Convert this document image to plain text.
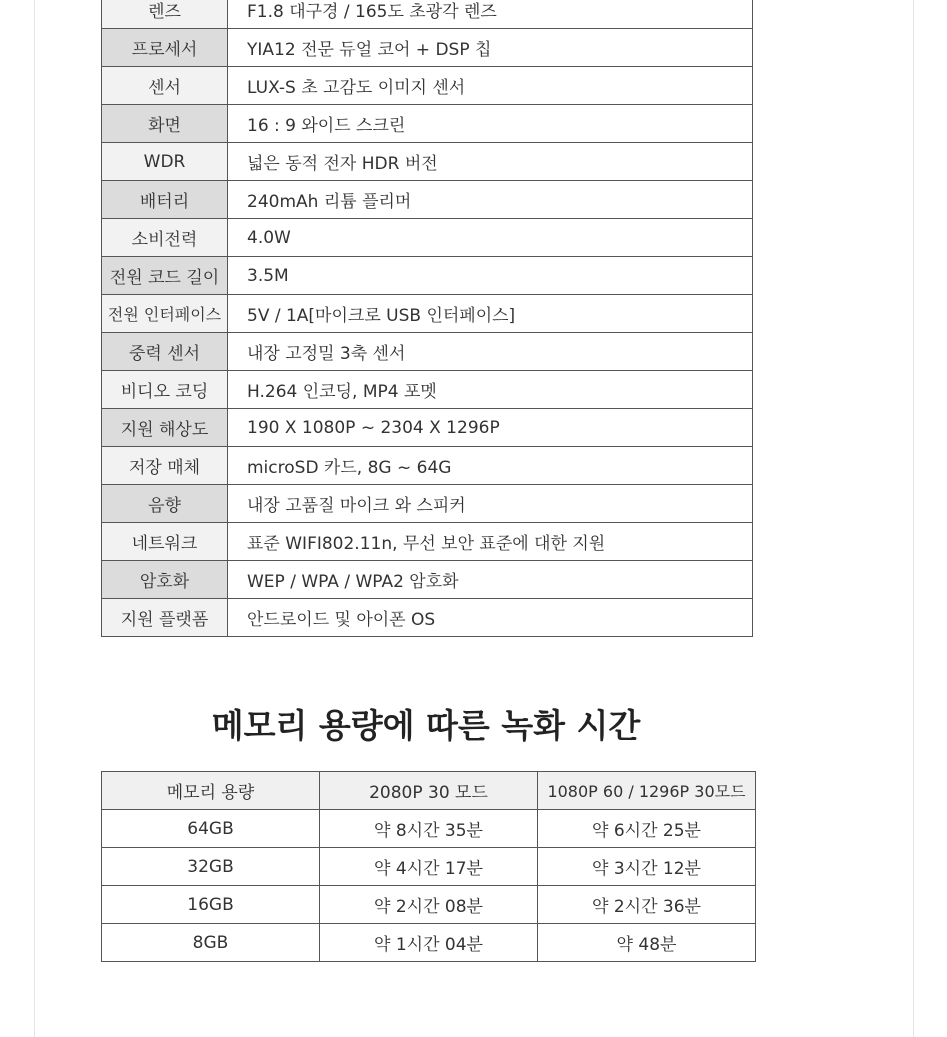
렌즈	F1.8 대구경 / 165도 초광각 렌즈
프로세서	YIA12 전문 듀얼 코어 + DSP 칩
센서	LUX-S 초 고감도 이미지 센서
화면	16 : 9 와이드 스크린
WDR	넓은 동적 전자 HDR 버전
배터리	240mAh 리튬 플리머
소비전력	4.0W
전원 코드 길이	3.5M
전원 인터페이스	5V / 1A[마이크로 USB 인터페이스]
중력 센서	내장 고정밀 3축 센서
비디오 코딩	H.264 인코딩, MP4 포멧
지원 해상도	190 X 1080P ~ 2304 X 1296P
저장 매체	microSD 카드, 8G ~ 64G
음향	내장 고품질 마이크 와 스피커
네트워크	표준 WIFI802.11n, 무선 보안 표준에 대한 지원
암호화	WEP / WPA / WPA2 암호화
지원 플랫폼	안드로이드 및 아이폰 OS
메모리 용량에 따른 녹화 시간
메모리 용량	2080P 30 모드	1080P 60 / 1296P 30모드
64GB	약 8시간 35분	약 6시간 25분
32GB	약 4시간 17분	약 3시간 12분
16GB	약 2시간 08분	약 2시간 36분
8GB	약 1시간 04분	약 48분
